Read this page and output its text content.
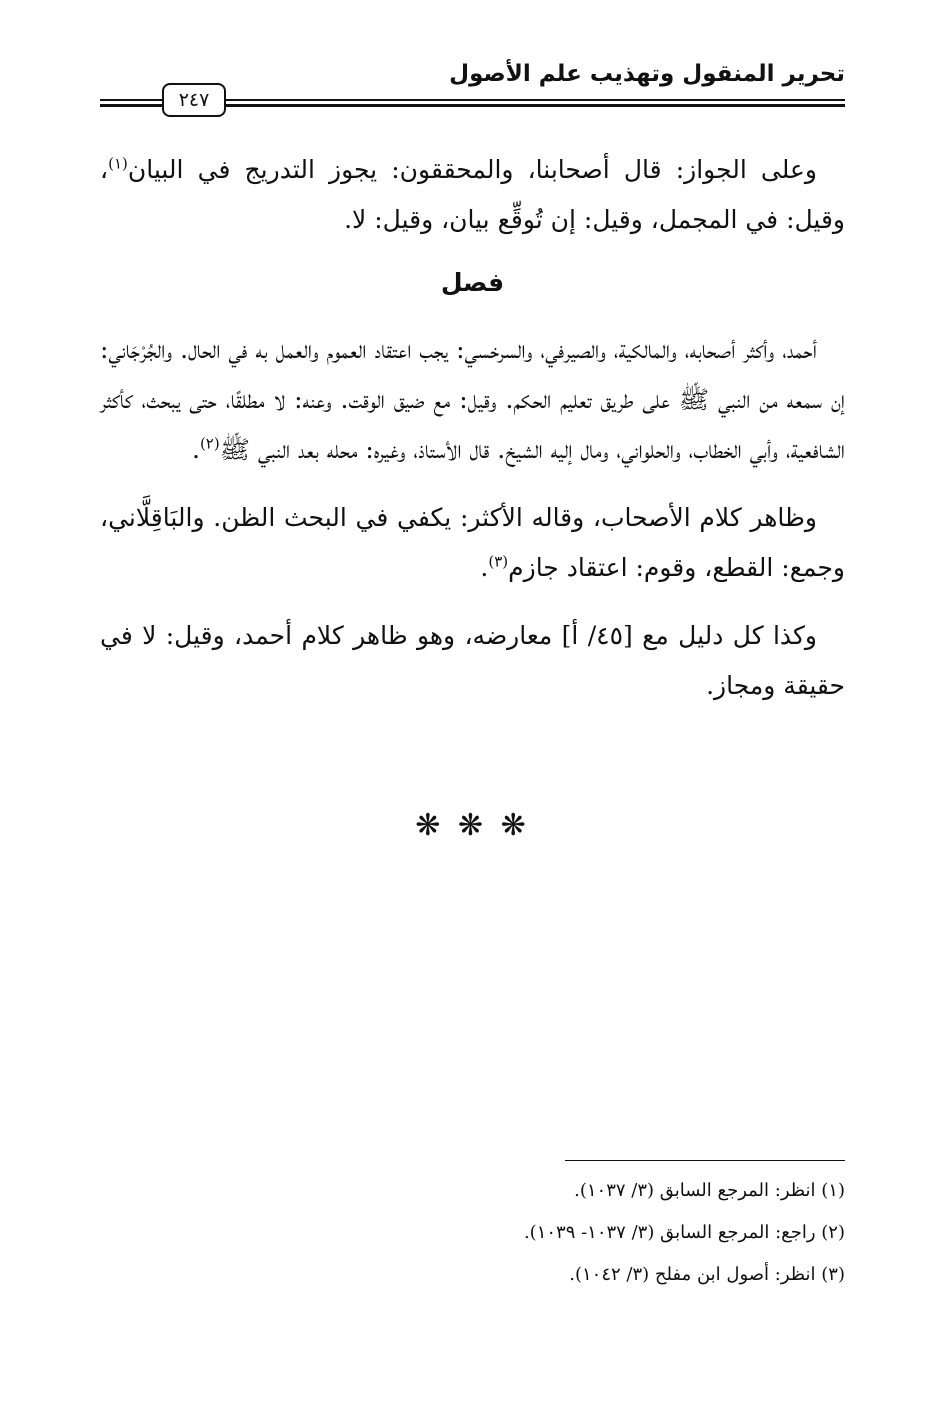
تحرير المنقول وتهذيب علم الأصول
٢٤٧

وعلى الجواز: قال أصحابنا، والمحققون: يجوز التدريج في البيان$^{(١)}$، وقيل: في المجمل، وقيل: إن تُوقِّع بيان، وقيل: لا.

فصل

أحمد، وأكثر أصحابه، والمالكية، والصيرفي، والسرخسي: يجب اعتقاد العموم والعمل به في الحال. والجُرْجَاني: إن سمعه من النبي ﷺ على طريق تعليم الحكم. وقيل: مع ضيق الوقت. وعنه: لا مطلقًا، حتى يبحث، كأكثر الشافعية، وأبي الخطاب، والحلواني، ومال إليه الشيخ. قال الأستاذ، وغيره: محله بعد النبي ﷺ$^{(٢)}$.

وظاهر كلام الأصحاب، وقاله الأكثر: يكفي في البحث الظن. والبَاقِلَّاني، وجمع: القطع، وقوم: اعتقاد جازم$^{(٣)}$.

وكذا كل دليل مع [٤٥/ أ] معارضه، وهو ظاهر كلام أحمد، وقيل: لا في حقيقة ومجاز.

❋ ❋ ❋

(١) انظر: المرجع السابق (٣/ ١٠٣٧).

(٢) راجع: المرجع السابق (٣/ ١٠٣٧- ١٠٣٩).

(٣) انظر: أصول ابن مفلح (٣/ ١٠٤٢).
